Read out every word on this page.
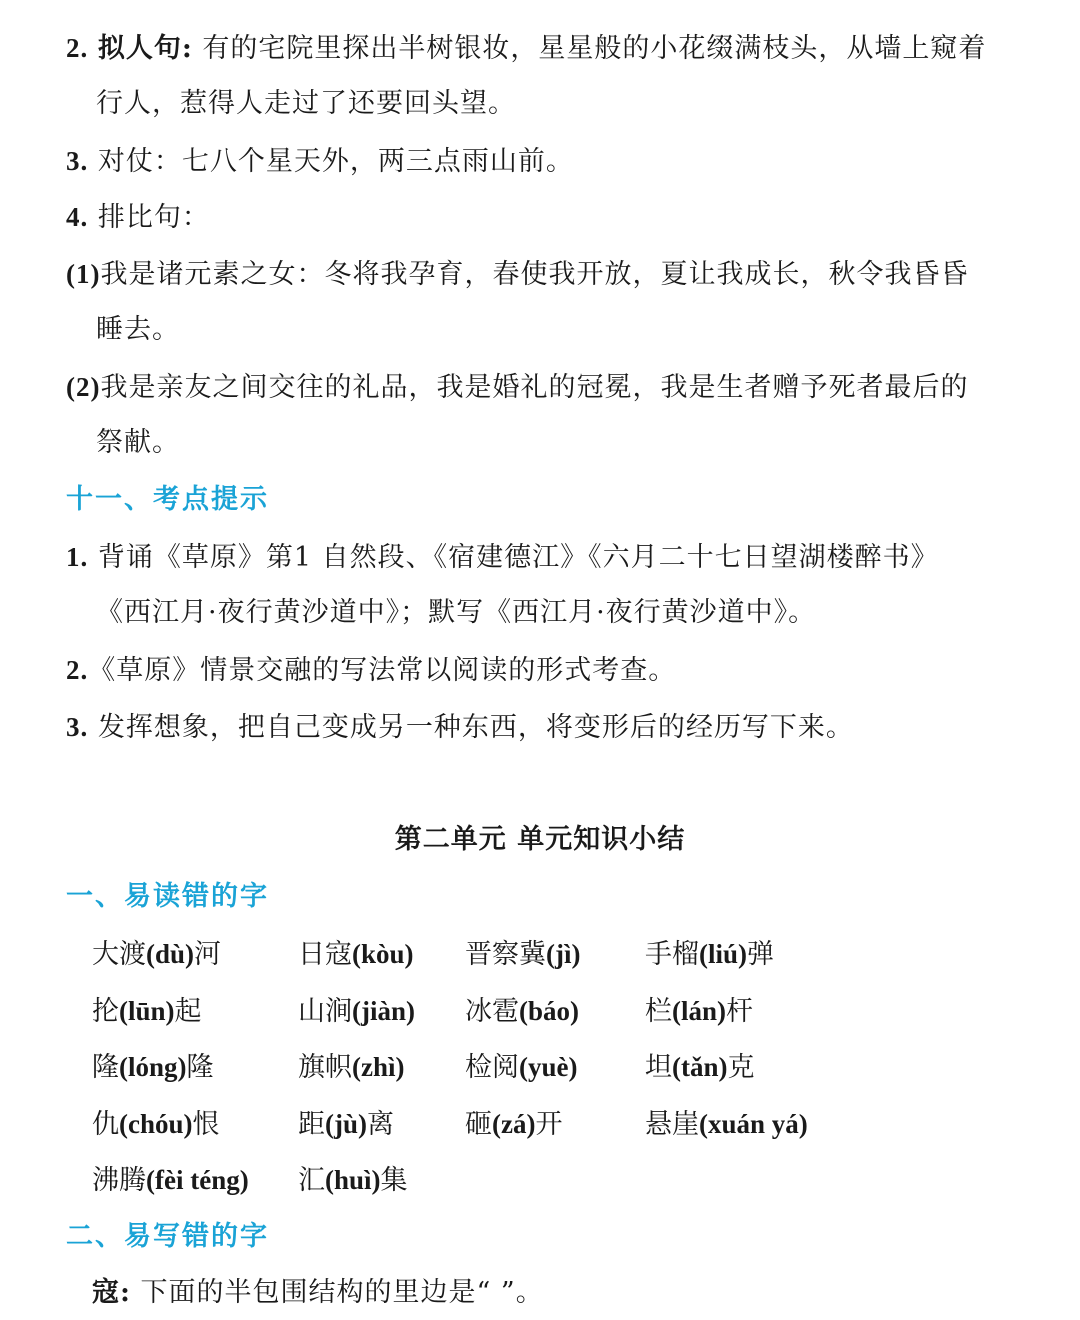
2. 拟人句: 有的宅院里探出半树银妆，星星般的小花缀满枝头，从墙上窥着
行人，惹得人走过了还要回头望。
3. 对仗：七八个星天外，两三点雨山前。
4. 排比句：
(1)我是诸元素之女：冬将我孕育，春使我开放，夏让我成长，秋令我昏昏
睡去。
(2)我是亲友之间交往的礼品，我是婚礼的冠冕，我是生者赠予死者最后的
祭献。
十一、考点提示
1. 背诵《草原》第1 自然段、《宿建德江》《六月二十七日望湖楼醉书》
《西江月·夜行黄沙道中》；默写《西江月·夜行黄沙道中》。
2.《草原》情景交融的写法常以阅读的形式考查。
3. 发挥想象，把自己变成另一种东西，将变形后的经历写下来。
第二单元 单元知识小结
一、易读错的字
大渡(dù)河	日寇(kòu) 晋察冀(jì) 手榴(liú)弹
抡(lūn)起	山涧(jiàn) 冰雹(báo) 栏(lán)杆
隆(lóng)隆	旗帜(zhì) 检阅(yuè)	坦(tǎn)克
仇(chóu)恨	距(jù)离	砸(zá)开	悬崖(xuán yá)
沸腾(fèi téng) 汇(huì)集
二、易写错的字
寇: 下面的半包围结构的里边是“ ”。
